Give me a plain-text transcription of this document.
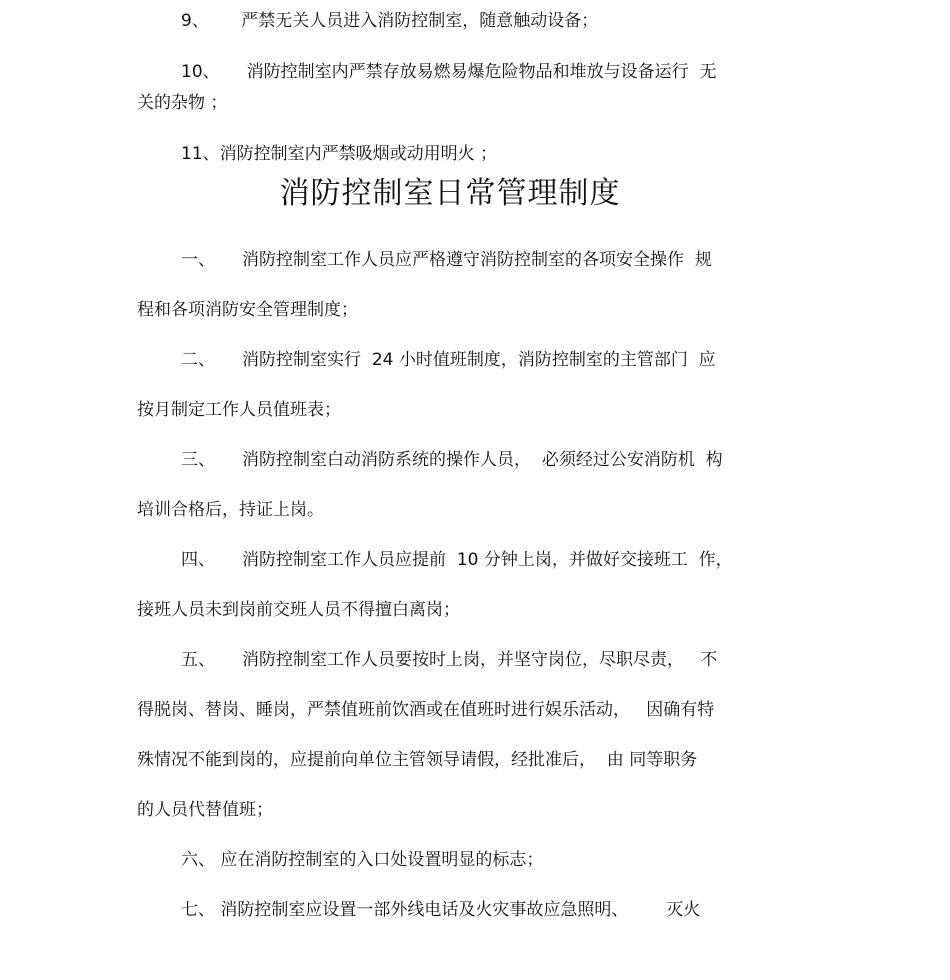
9、      严禁无关人员进入消防控制室，随意触动设备；
10、     消防控制室内严禁存放易燃易爆危险物品和堆放与设备运行  无
关的杂物 ；
11、消防控制室内严禁吸烟或动用明火 ；
消防控制室日常管理制度
一、     消防控制室工作人员应严格遵守消防控制室的各项安全操作  规
程和各项消防安全管理制度；
二、     消防控制室实行  24 小时值班制度，消防控制室的主管部门  应
按月制定工作人员值班表；
三、     消防控制室白动消防系统的操作人员，  必须经过公安消防机  构
培训合格后，持证上岗。
四、     消防控制室工作人员应提前  10 分钟上岗，并做好交接班工  作，
接班人员未到岗前交班人员不得擅白离岗；
五、     消防控制室工作人员要按时上岗，并坚守岗位，尽职尽责，   不
得脱岗、替岗、睡岗，严禁值班前饮酒或在值班时进行娱乐活动，   因确有特
殊情况不能到岗的，应提前向单位主管领导请假，经批准后，  由 同等职务
的人员代替值班；
六、 应在消防控制室的入口处设置明显的标志；
七、 消防控制室应设置一部外线电话及火灾事故应急照明、       灭火
